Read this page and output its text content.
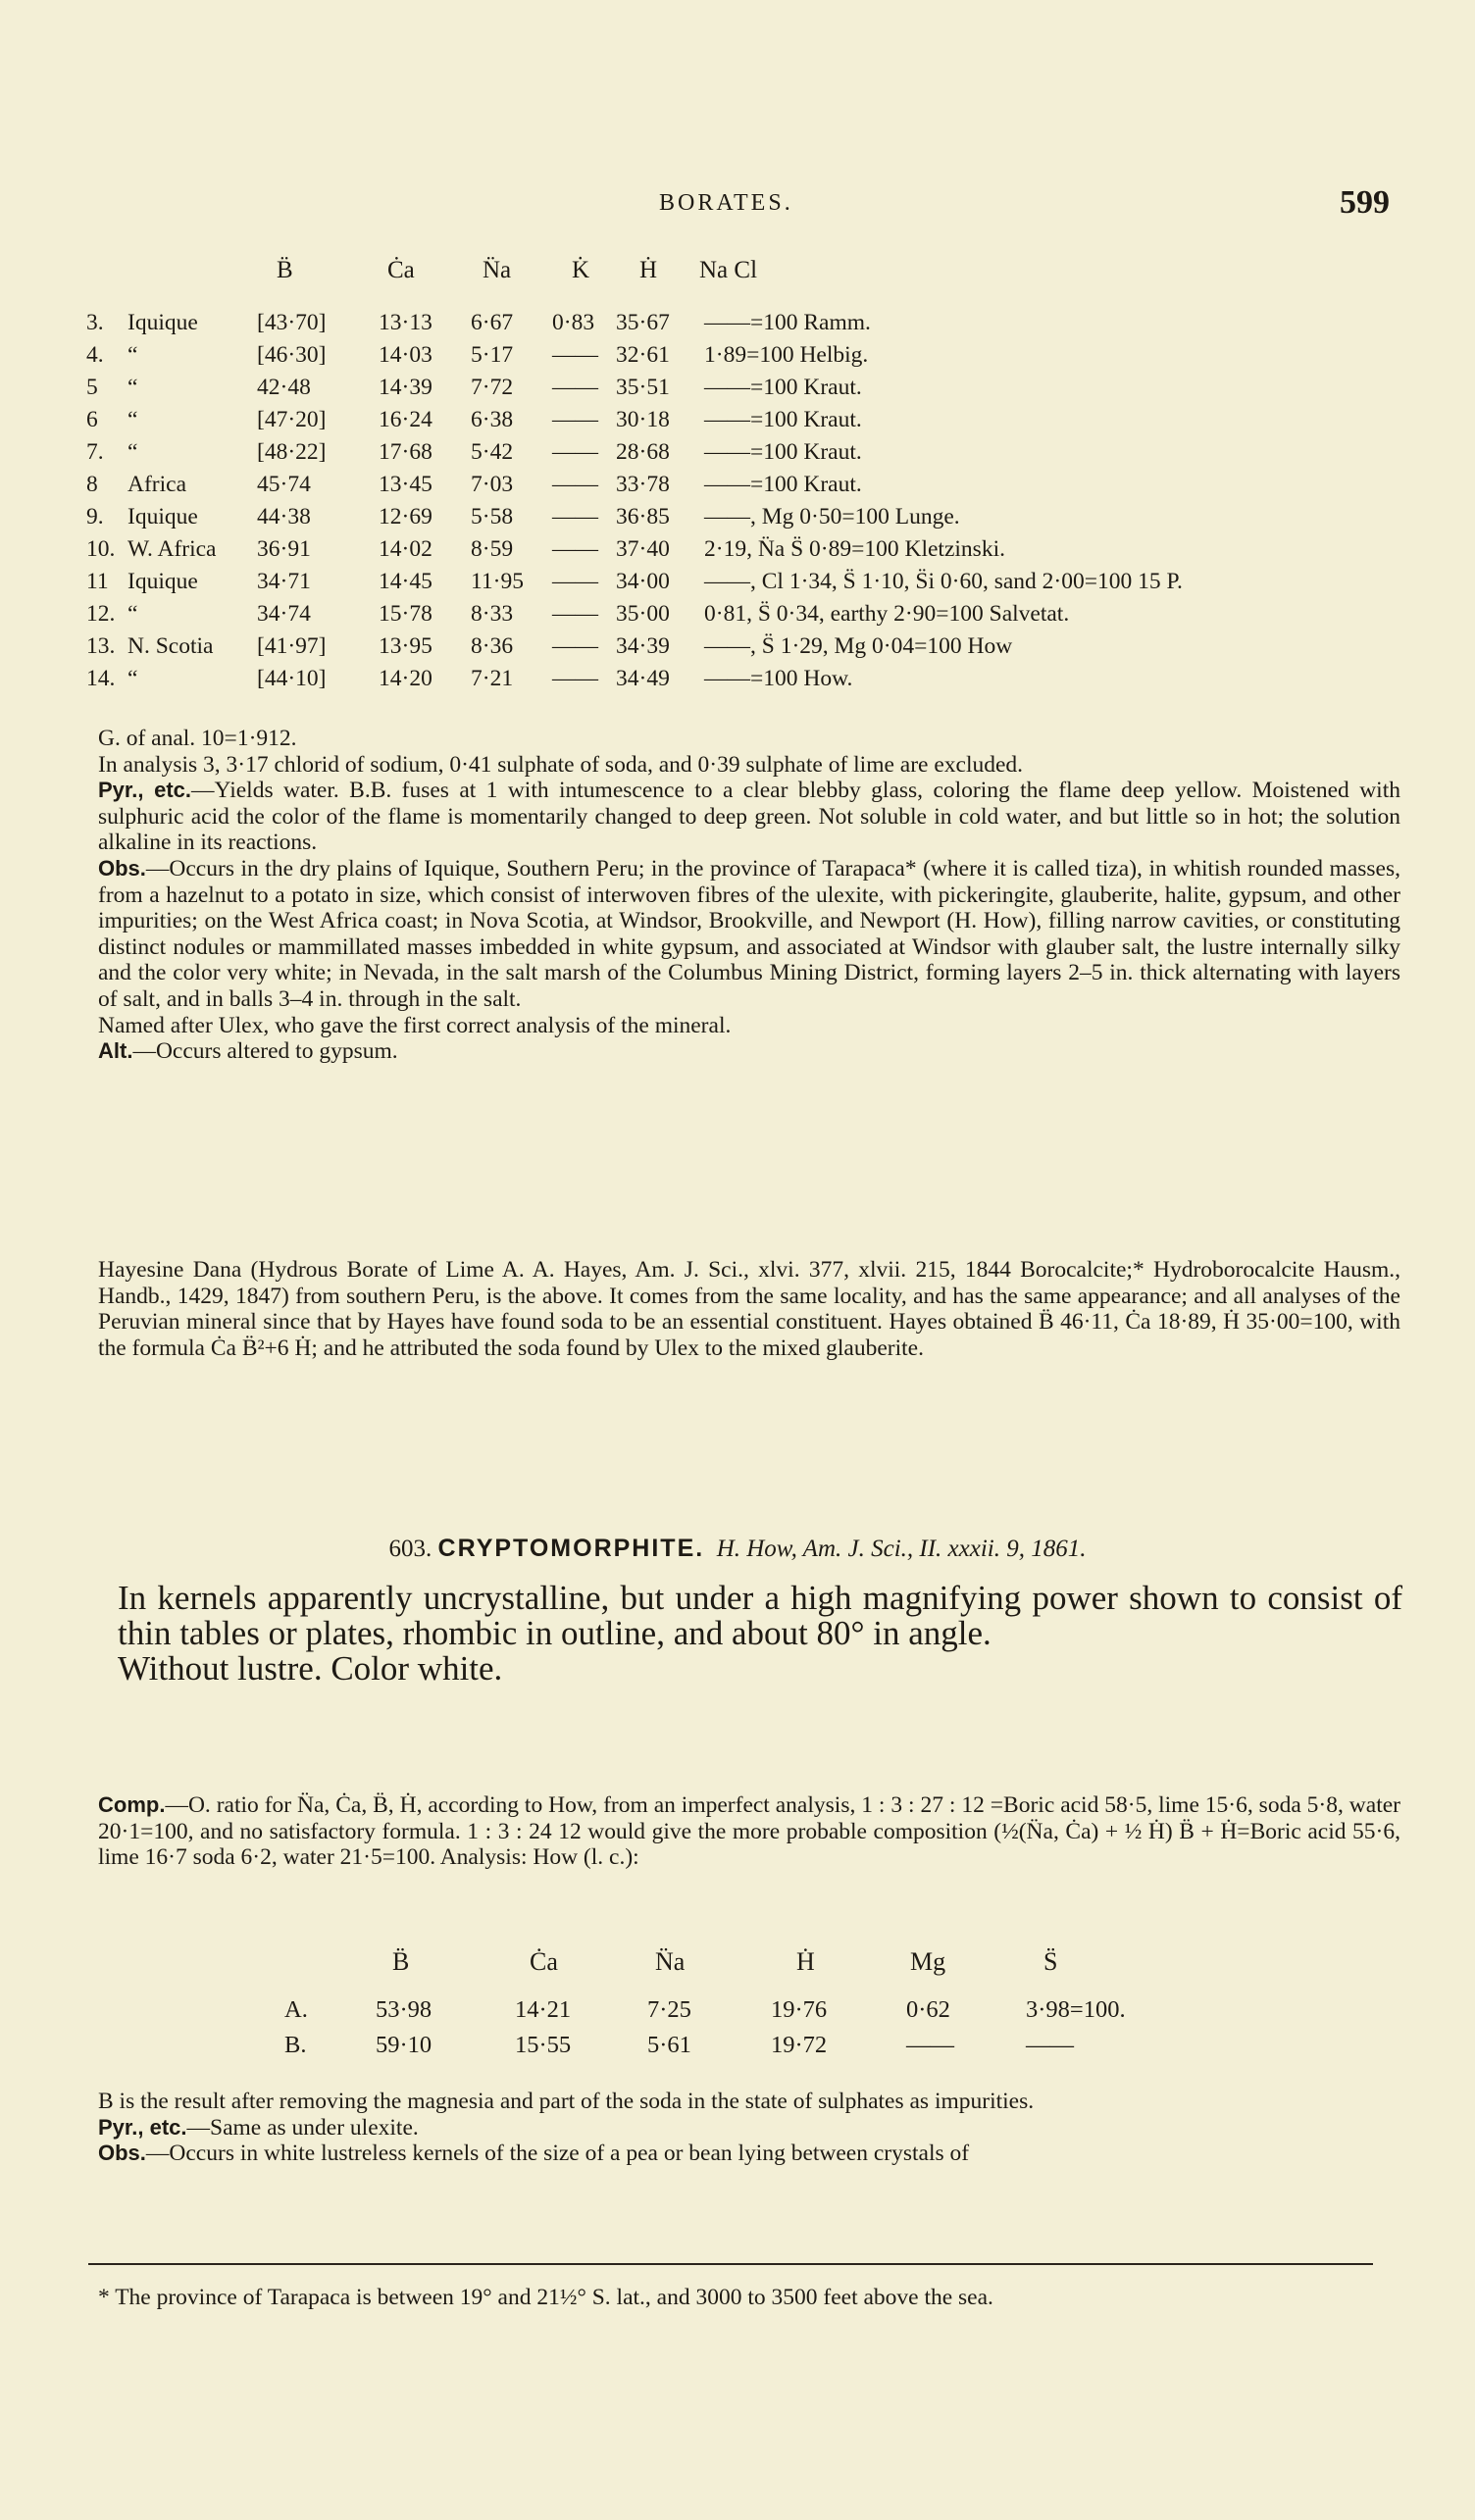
BORATES.	599
B̈	Ċa	N̈a K̇ Ḣ Na Cl
3. Iquique	[43·70] 13·13 6·67 0·83 35·67 ——=100 Ramm.
4. “	[46·30] 14·03 5·17 —— 32·61 1·89=100 Helbig.
5 “	42·48	14·39 7·72 —— 35·51 ——=100 Kraut.
6 “	[47·20] 16·24 6·38 —— 30·18 ——=100 Kraut.
7. “	[48·22] 17·68 5·42 —— 28·68 ——=100 Kraut.
8 Africa	45·74	13·45 7·03 —— 33·78 ——=100 Kraut.
9. Iquique	44·38	12·69 5·58 —— 36·85 ——, Mg 0·50=100 Lunge.
10. W. Africa 36·91	14·02 8·59 —— 37·40 2·19, N̈a S̈ 0·89=100 Kletzinski.
11 Iquique	34·71	14·45 11·95 —— 34·00 ——, Cl 1·34, S̈ 1·10, S̈i 0·60, sand 2·00=100 15 P.
12. “	34·74	15·78 8·33 —— 35·00 0·81, S̈ 0·34, earthy 2·90=100 Salvetat.
13. N. Scotia [41·97] 13·95 8·36 —— 34·39 ——, S̈ 1·29, Mg 0·04=100 How
14. “	[44·10] 14·20 7·21 —— 34·49 ——=100 How.

G. of anal. 10=1·912.

In analysis 3, 3·17 chlorid of sodium, 0·41 sulphate of soda, and 0·39 sulphate of lime are excluded.

Pyr., etc.—Yields water. B.B. fuses at 1 with intumescence to a clear blebby glass, coloring the flame deep yellow. Moistened with sulphuric acid the color of the flame is momentarily changed to deep green. Not soluble in cold water, and but little so in hot; the solution alkaline in its reactions.

Obs.—Occurs in the dry plains of Iquique, Southern Peru; in the province of Tarapaca* (where it is called tiza), in whitish rounded masses, from a hazelnut to a potato in size, which consist of interwoven fibres of the ulexite, with pickeringite, glauberite, halite, gypsum, and other impurities; on the West Africa coast; in Nova Scotia, at Windsor, Brookville, and Newport (H. How), filling narrow cavities, or constituting distinct nodules or mammillated masses imbedded in white gypsum, and associated at Windsor with glauber salt, the lustre internally silky and the color very white; in Nevada, in the salt marsh of the Columbus Mining District, forming layers 2–5 in. thick alternating with layers of salt, and in balls 3–4 in. through in the salt.

Named after Ulex, who gave the first correct analysis of the mineral.

Alt.—Occurs altered to gypsum.

Hayesine Dana (Hydrous Borate of Lime A. A. Hayes, Am. J. Sci., xlvi. 377, xlvii. 215, 1844 Borocalcite;* Hydroborocalcite Hausm., Handb., 1429, 1847) from southern Peru, is the above. It comes from the same locality, and has the same appearance; and all analyses of the Peruvian mineral since that by Hayes have found soda to be an essential constituent. Hayes obtained B̈ 46·11, Ċa 18·89, Ḣ 35·00=100, with the formula Ċa B̈²+6 Ḣ; and he attributed the soda found by Ulex to the mixed glauberite.

603. CRYPTOMORPHITE. H. How, Am. J. Sci., II. xxxii. 9, 1861.

In kernels apparently uncrystalline, but under a high magnifying power shown to consist of thin tables or plates, rhombic in outline, and about 80° in angle.

Without lustre. Color white.

Comp.—O. ratio for N̈a, Ċa, B̈, Ḣ, according to How, from an imperfect analysis, 1 : 3 : 27 : 12 =Boric acid 58·5, lime 15·6, soda 5·8, water 20·1=100, and no satisfactory formula. 1 : 3 : 24 12 would give the more probable composition (½(N̈a, Ċa) + ½ Ḣ) B̈ + Ḣ=Boric acid 55·6, lime 16·7 soda 6·2, water 21·5=100. Analysis: How (l. c.):

B̈	Ċa	N̈a	Ḣ	Mg	S̈
A.	53·98	14·21	7·25	19·76	0·62	3·98=100.
B.	59·10	15·55	5·61	19·72	——	——

B is the result after removing the magnesia and part of the soda in the state of sulphates as impurities.

Pyr., etc.—Same as under ulexite.

Obs.—Occurs in white lustreless kernels of the size of a pea or bean lying between crystals of

* The province of Tarapaca is between 19° and 21½° S. lat., and 3000 to 3500 feet above the sea.
